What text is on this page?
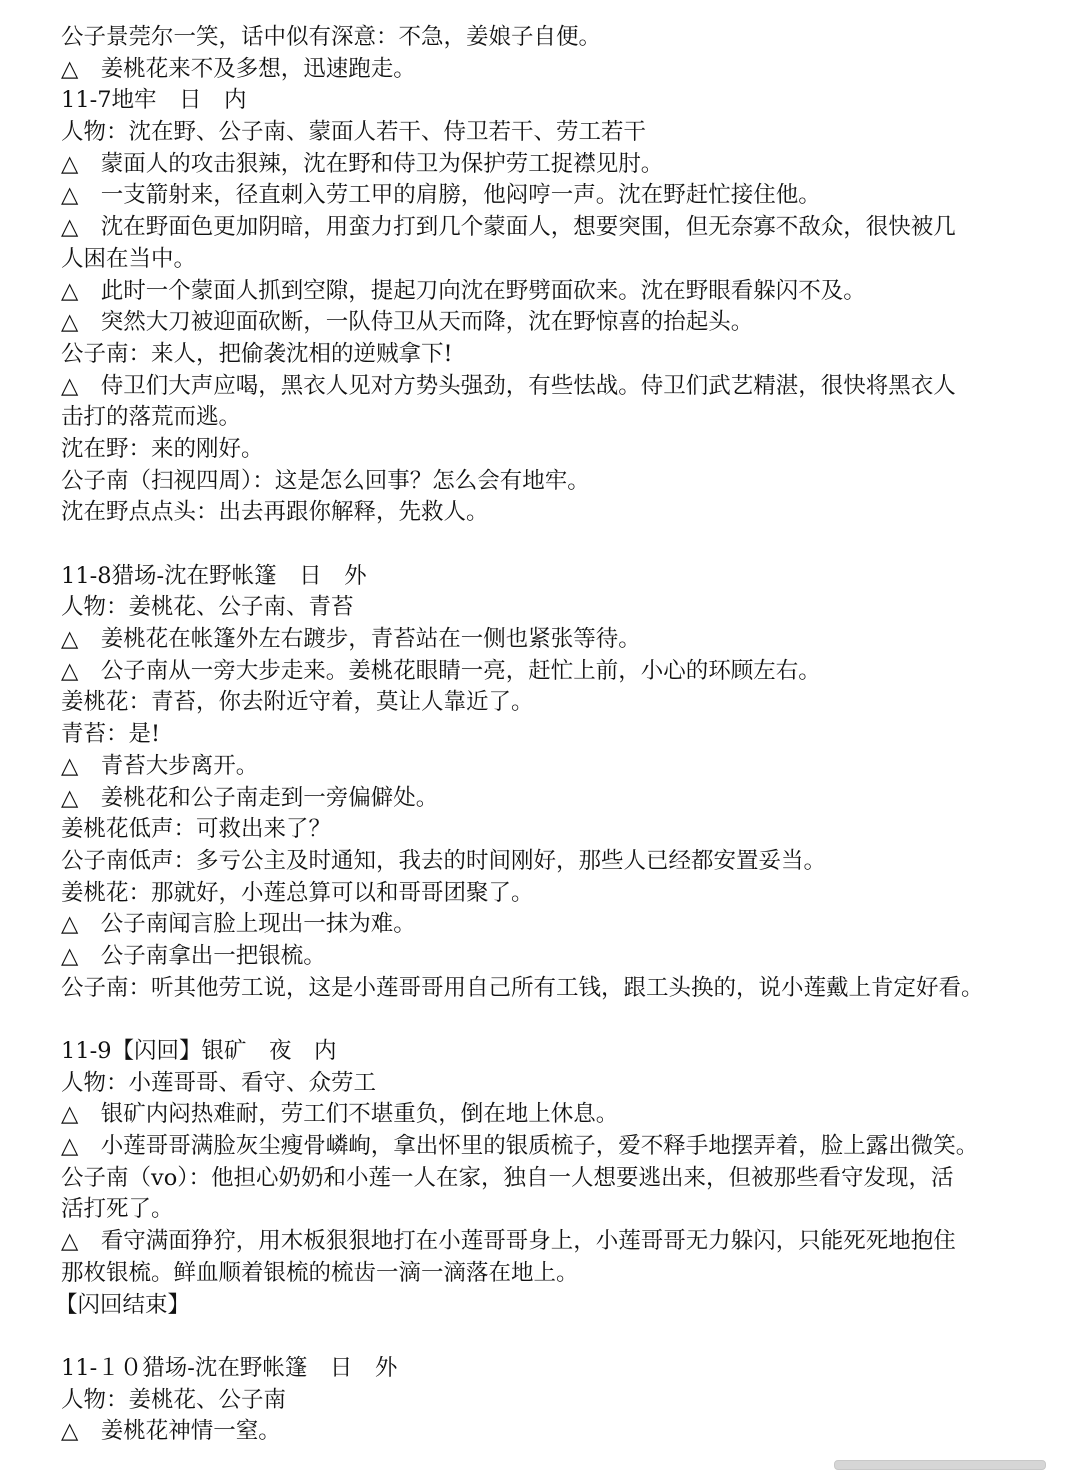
公子景莞尔一笑，话中似有深意：不急，姜娘子自便。
△　姜桃花来不及多想，迅速跑走。
11-7地牢　日　内
人物：沈在野、公子南、蒙面人若干、侍卫若干、劳工若干
△　蒙面人的攻击狠辣，沈在野和侍卫为保护劳工捉襟见肘。
△　一支箭射来，径直刺入劳工甲的肩膀，他闷哼一声。沈在野赶忙接住他。
△　沈在野面色更加阴暗，用蛮力打到几个蒙面人，想要突围，但无奈寡不敌众，很快被几
人困在当中。
△　此时一个蒙面人抓到空隙，提起刀向沈在野劈面砍来。沈在野眼看躲闪不及。
△　突然大刀被迎面砍断，一队侍卫从天而降，沈在野惊喜的抬起头。
公子南：来人，把偷袭沈相的逆贼拿下!
△　侍卫们大声应喝，黑衣人见对方势头强劲，有些怯战。侍卫们武艺精湛，很快将黑衣人
击打的落荒而逃。
沈在野：来的刚好。
公子南（扫视四周）：这是怎么回事？怎么会有地牢。
沈在野点点头：出去再跟你解释，先救人。
11-8猎场-沈在野帐篷　日　外
人物：姜桃花、公子南、青苔
△　姜桃花在帐篷外左右踱步，青苔站在一侧也紧张等待。
△　公子南从一旁大步走来。姜桃花眼睛一亮，赶忙上前，小心的环顾左右。
姜桃花：青苔，你去附近守着，莫让人靠近了。
青苔：是!
△　青苔大步离开。
△　姜桃花和公子南走到一旁偏僻处。
姜桃花低声：可救出来了？
公子南低声：多亏公主及时通知，我去的时间刚好，那些人已经都安置妥当。
姜桃花：那就好，小莲总算可以和哥哥团聚了。
△　公子南闻言脸上现出一抹为难。
△　公子南拿出一把银梳。
公子南：听其他劳工说，这是小莲哥哥用自己所有工钱，跟工头换的，说小莲戴上肯定好看。
11-9【闪回】银矿　夜　内
人物：小莲哥哥、看守、众劳工
△　银矿内闷热难耐，劳工们不堪重负，倒在地上休息。
△　小莲哥哥满脸灰尘瘦骨嶙峋，拿出怀里的银质梳子，爱不释手地摆弄着，脸上露出微笑。
公子南（vo）：他担心奶奶和小莲一人在家，独自一人想要逃出来，但被那些看守发现，活
活打死了。
△　看守满面狰狞，用木板狠狠地打在小莲哥哥身上，小莲哥哥无力躲闪，只能死死地抱住
那枚银梳。鲜血顺着银梳的梳齿一滴一滴落在地上。
【闪回结束】
11-１０猎场-沈在野帐篷　日　外
人物：姜桃花、公子南
△　姜桃花神情一窒。
